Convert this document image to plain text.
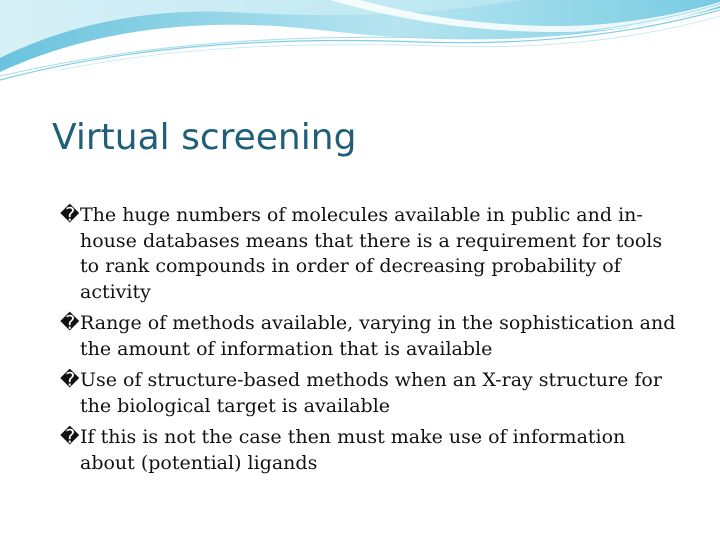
Virtual screening
� The huge numbers of molecules available in public and in-house databases means that there is a requirement for tools to rank compounds in order of decreasing probability of activity
� Range of methods available, varying in the sophistication and the amount of information that is available
� Use of structure-based methods when an X-ray structure for the biological target is available
� If this is not the case then must make use of information about (potential) ligands
